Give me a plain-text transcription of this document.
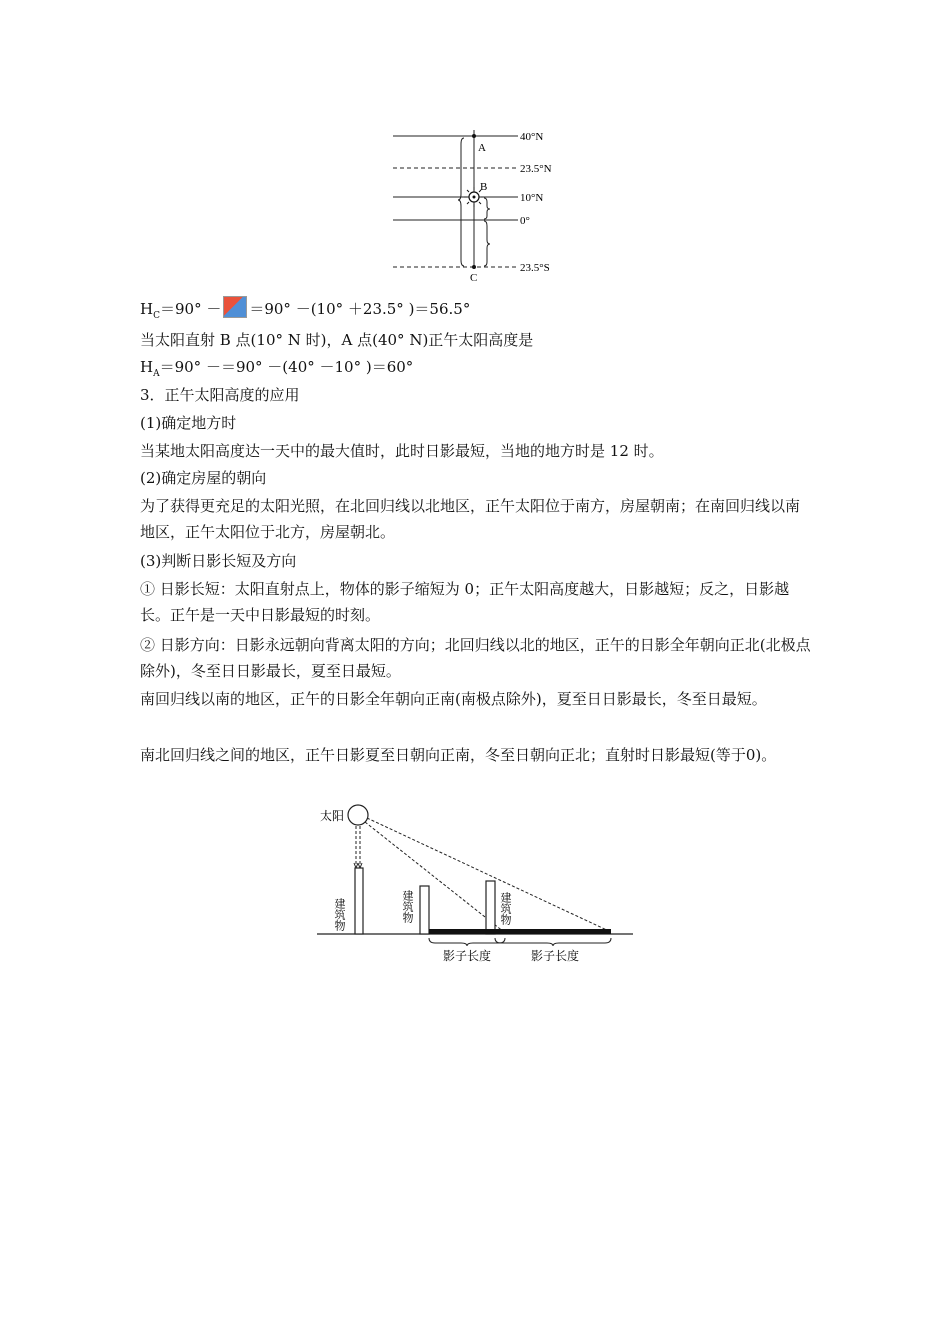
A
B
C
40°N
23.5°N
10°N
0°
23.5°S
$H_C=90^\circ - =90^\circ -(10^\circ +23.5^\circ$ )＝56.5°
当太阳直射 B 点(10° N 时)，A 点(40° N)正午太阳高度是
$H_A=90^\circ -=90^\circ -(40^\circ -10^\circ$ )＝60°
3．正午太阳高度的应用
(1)确定地方时
当某地太阳高度达一天中的最大值时，此时日影最短，当地的地方时是 12 时。
(2)确定房屋的朝向
为了获得更充足的太阳光照，在北回归线以北地区，正午太阳位于南方，房屋朝南；在南回归线以南地区，正午太阳位于北方，房屋朝北。
(3)判断日影长短及方向
① 日影长短：太阳直射点上，物体的影子缩短为 0；正午太阳高度越大，日影越短；反之，日影越长。正午是一天中日影最短的时刻。
② 日影方向：日影永远朝向背离太阳的方向；北回归线以北的地区，正午的日影全年朝向正北(北极点除外)，冬至日日影最长，夏至日最短。
南回归线以南的地区，正午的日影全年朝向正南(南极点除外)，夏至日日影最长，冬至日最短。
南北回归线之间的地区，正午日影夏至日朝向正南，冬至日朝向正北；直射时日影最短(等于0)。
太阳
建筑物	建筑物	建筑物
影子长度	影子长度
